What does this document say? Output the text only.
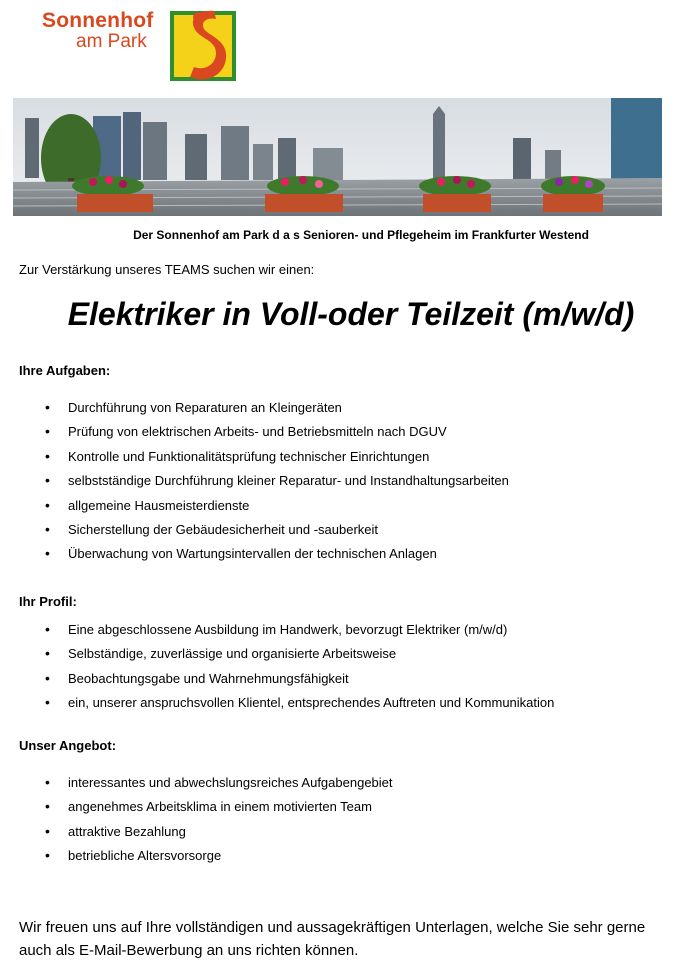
Sonnenhof
am Park
Der Sonnenhof am Park d a s Senioren- und Pflegeheim im Frankfurter Westend
Zur Verstärkung unseres TEAMS suchen wir einen:
Elektriker in Voll-oder Teilzeit (m/w/d)
Ihre Aufgaben:
• Durchführung von Reparaturen an Kleingeräten
• Prüfung von elektrischen Arbeits- und Betriebsmitteln nach DGUV
• Kontrolle und Funktionalitätsprüfung technischer Einrichtungen
• selbstständige Durchführung kleiner Reparatur- und Instandhaltungsarbeiten
• allgemeine Hausmeisterdienste
• Sicherstellung der Gebäudesicherheit und -sauberkeit
• Überwachung von Wartungsintervallen der technischen Anlagen
Ihr Profil:
• Eine abgeschlossene Ausbildung im Handwerk, bevorzugt Elektriker (m/w/d)
• Selbständige, zuverlässige und organisierte Arbeitsweise
• Beobachtungsgabe und Wahrnehmungsfähigkeit
• ein, unserer anspruchsvollen Klientel, entsprechendes Auftreten und Kommunikation
Unser Angebot:
• interessantes und abwechslungsreiches Aufgabengebiet
• angenehmes Arbeitsklima in einem motivierten Team
• attraktive Bezahlung
• betriebliche Altersvorsorge
Wir freuen uns auf Ihre vollständigen und aussagekräftigen Unterlagen, welche Sie sehr gerne auch als E-Mail-Bewerbung an uns richten können.
